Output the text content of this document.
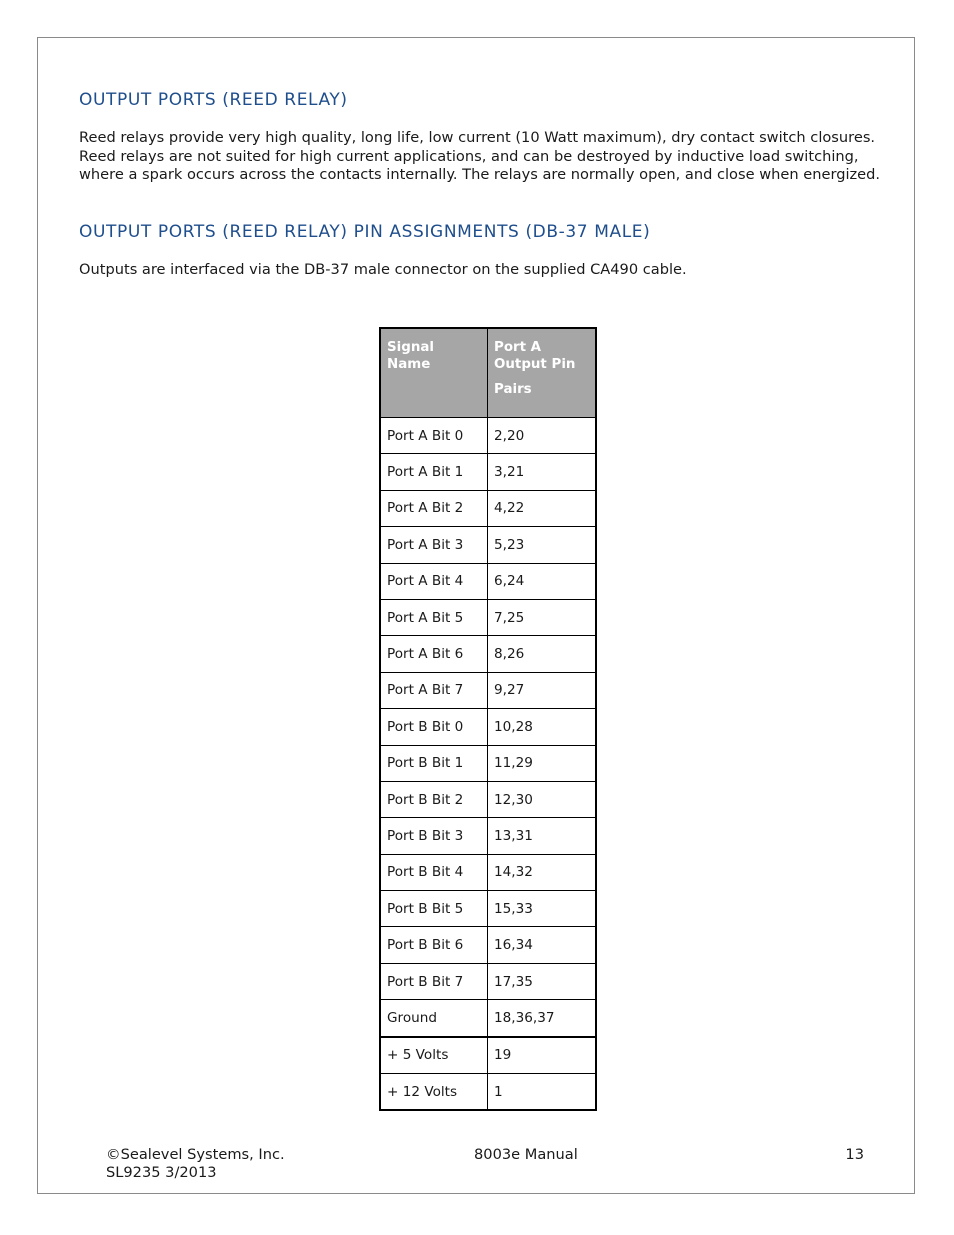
OUTPUT PORTS (REED RELAY)

Reed relays provide very high quality, long life, low current (10 Watt maximum), dry contact switch closures. Reed relays are not suited for high current applications, and can be destroyed by inductive load switching, where a spark occurs across the contacts internally. The relays are normally open, and close when energized.

OUTPUT PORTS (REED RELAY) PIN ASSIGNMENTS (DB-37 MALE)

Outputs are interfaced via the DB-37 male connector on the supplied CA490 cable.

Signal Name	Port A
Output Pin
Pairs

Port A Bit 0	2,20
Port A Bit 1	3,21
Port A Bit 2	4,22
Port A Bit 3	5,23
Port A Bit 4	6,24
Port A Bit 5	7,25
Port A Bit 6	8,26
Port A Bit 7	9,27
Port B Bit 0	10,28
Port B Bit 1	11,29
Port B Bit 2	12,30
Port B Bit 3	13,31
Port B Bit 4	14,32
Port B Bit 5	15,33
Port B Bit 6	16,34
Port B Bit 7	17,35
Ground	18,36,37
+ 5 Volts	19
+ 12 Volts	1
©Sealevel Systems, Inc.
SL9235 3/2013
8003e Manual	13
